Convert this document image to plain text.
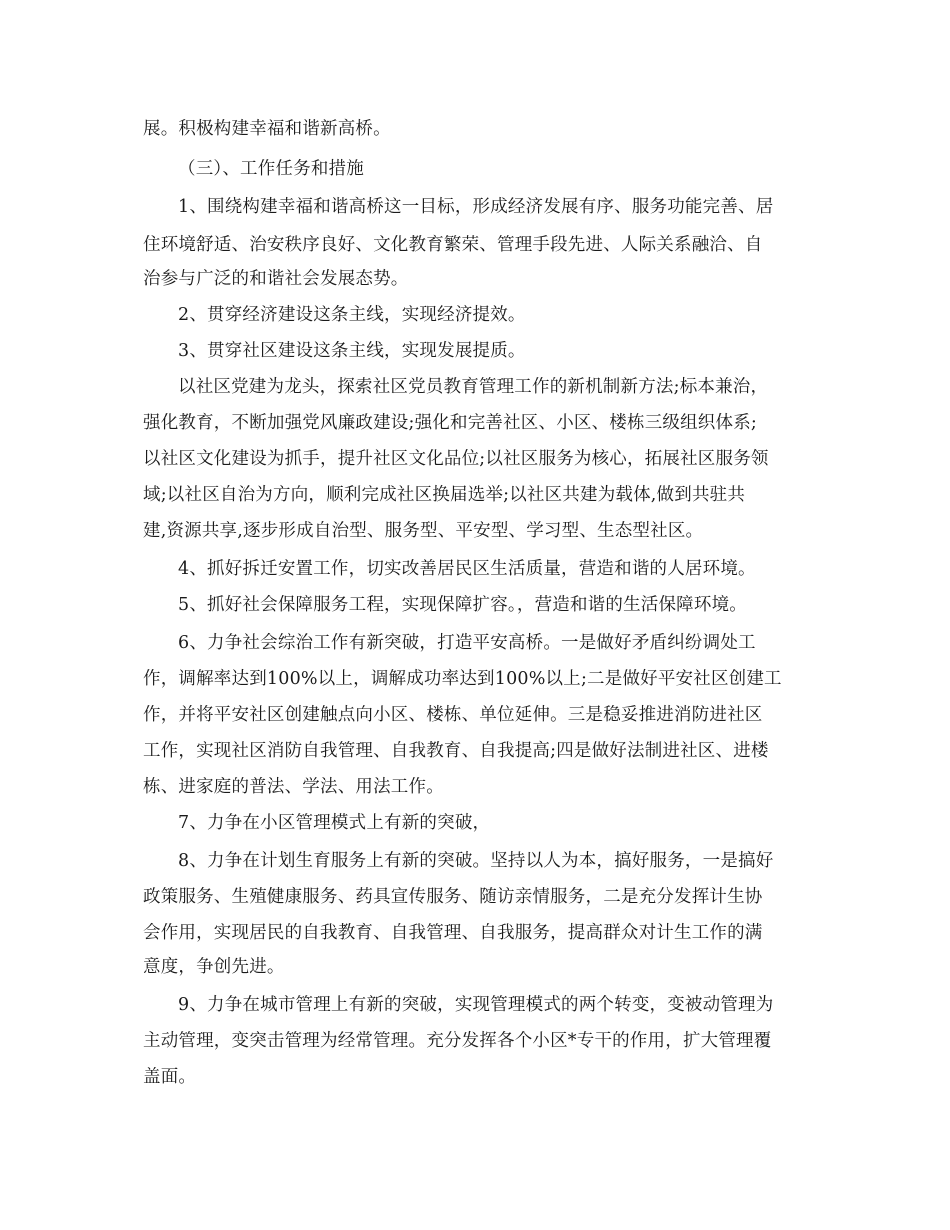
展。积极构建幸福和谐新高桥。
（三）、工作任务和措施
1、围绕构建幸福和谐高桥这一目标，形成经济发展有序、服务功能完善、居
住环境舒适、治安秩序良好、文化教育繁荣、管理手段先进、人际关系融洽、自
治参与广泛的和谐社会发展态势。
2、贯穿经济建设这条主线，实现经济提效。
3、贯穿社区建设这条主线，实现发展提质。
以社区党建为龙头，探索社区党员教育管理工作的新机制新方法;标本兼治，
强化教育，不断加强党风廉政建设;强化和完善社区、小区、楼栋三级组织体系;
以社区文化建设为抓手，提升社区文化品位;以社区服务为核心，拓展社区服务领
域;以社区自治为方向，顺利完成社区换届选举;以社区共建为载体,做到共驻共
建,资源共享,逐步形成自治型、服务型、平安型、学习型、生态型社区。
4、抓好拆迁安置工作，切实改善居民区生活质量，营造和谐的人居环境。
5、抓好社会保障服务工程，实现保障扩容。，营造和谐的生活保障环境。
6、力争社会综治工作有新突破，打造平安高桥。一是做好矛盾纠纷调处工
作，调解率达到100%以上，调解成功率达到100%以上;二是做好平安社区创建工
作，并将平安社区创建触点向小区、楼栋、单位延伸。三是稳妥推进消防进社区
工作，实现社区消防自我管理、自我教育、自我提高;四是做好法制进社区、进楼
栋、进家庭的普法、学法、用法工作。
7、力争在小区管理模式上有新的突破，
8、力争在计划生育服务上有新的突破。坚持以人为本，搞好服务，一是搞好
政策服务、生殖健康服务、药具宣传服务、随访亲情服务，二是充分发挥计生协
会作用，实现居民的自我教育、自我管理、自我服务，提高群众对计生工作的满
意度，争创先进。
9、力争在城市管理上有新的突破，实现管理模式的两个转变，变被动管理为
主动管理，变突击管理为经常管理。充分发挥各个小区*专干的作用，扩大管理覆
盖面。
